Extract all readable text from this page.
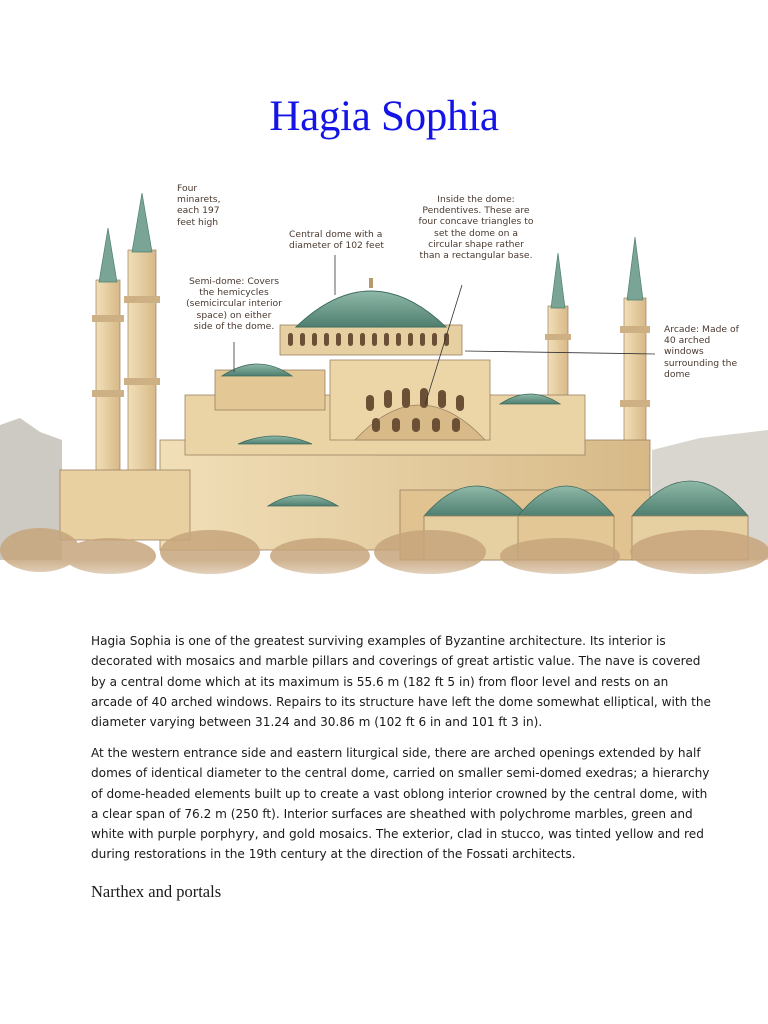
Hagia Sophia
Four minarets, each 197 feet high
Central dome with a diameter of 102 feet
Semi-dome: Covers the hemicycles (semicircular interior space) on either side of the dome.
Inside the dome: Pendentives. These are four concave triangles to set the dome on a circular shape rather than a rectangular base.
Arcade: Made of 40 arched windows surrounding the dome

Hagia Sophia is one of the greatest surviving examples of Byzantine architecture. Its interior is decorated with mosaics and marble pillars and coverings of great artistic value. The nave is covered by a central dome which at its maximum is 55.6 m (182 ft 5 in) from floor level and rests on an arcade of 40 arched windows. Repairs to its structure have left the dome somewhat elliptical, with the diameter varying between 31.24 and 30.86 m (102 ft 6 in and 101 ft 3 in).

At the western entrance side and eastern liturgical side, there are arched openings extended by half domes of identical diameter to the central dome, carried on smaller semi-domed exedras; a hierarchy of dome-headed elements built up to create a vast oblong interior crowned by the central dome, with a clear span of 76.2 m (250 ft). Interior surfaces are sheathed with polychrome marbles, green and white with purple porphyry, and gold mosaics. The exterior, clad in stucco, was tinted yellow and red during restorations in the 19th century at the direction of the Fossati architects.

Narthex and portals
